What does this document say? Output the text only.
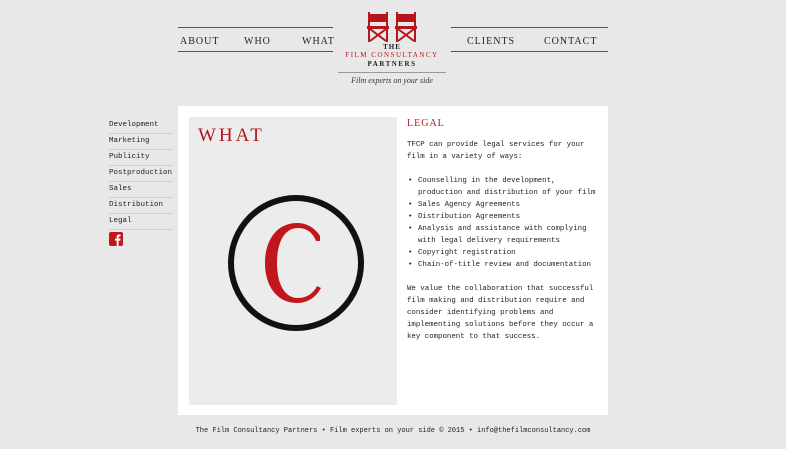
ABOUT WHO	WHAT	CLIENTS	CONTACT
THE
FILM CONSULTANCY
PARTNERS
Film experts on your side
Development
Marketing
Publicity
Postproduction
Sales
Distribution
Legal
WHAT
LEGAL

TFCP can provide legal services for your film in a variety of ways:

• Counselling in the development, production and distribution of your film
• Sales Agency Agreements
• Distribution Agreements
• Analysis and assistance with complying with legal delivery requirements
• Copyright registration
• Chain-of-title review and documentation

We value the collaboration that successful film making and distribution require and consider identifying problems and implementing solutions before they occur a key component to that success.

The Film Consultancy Partners • Film experts on your side © 2015 • info@thefilmconsultancy.com
